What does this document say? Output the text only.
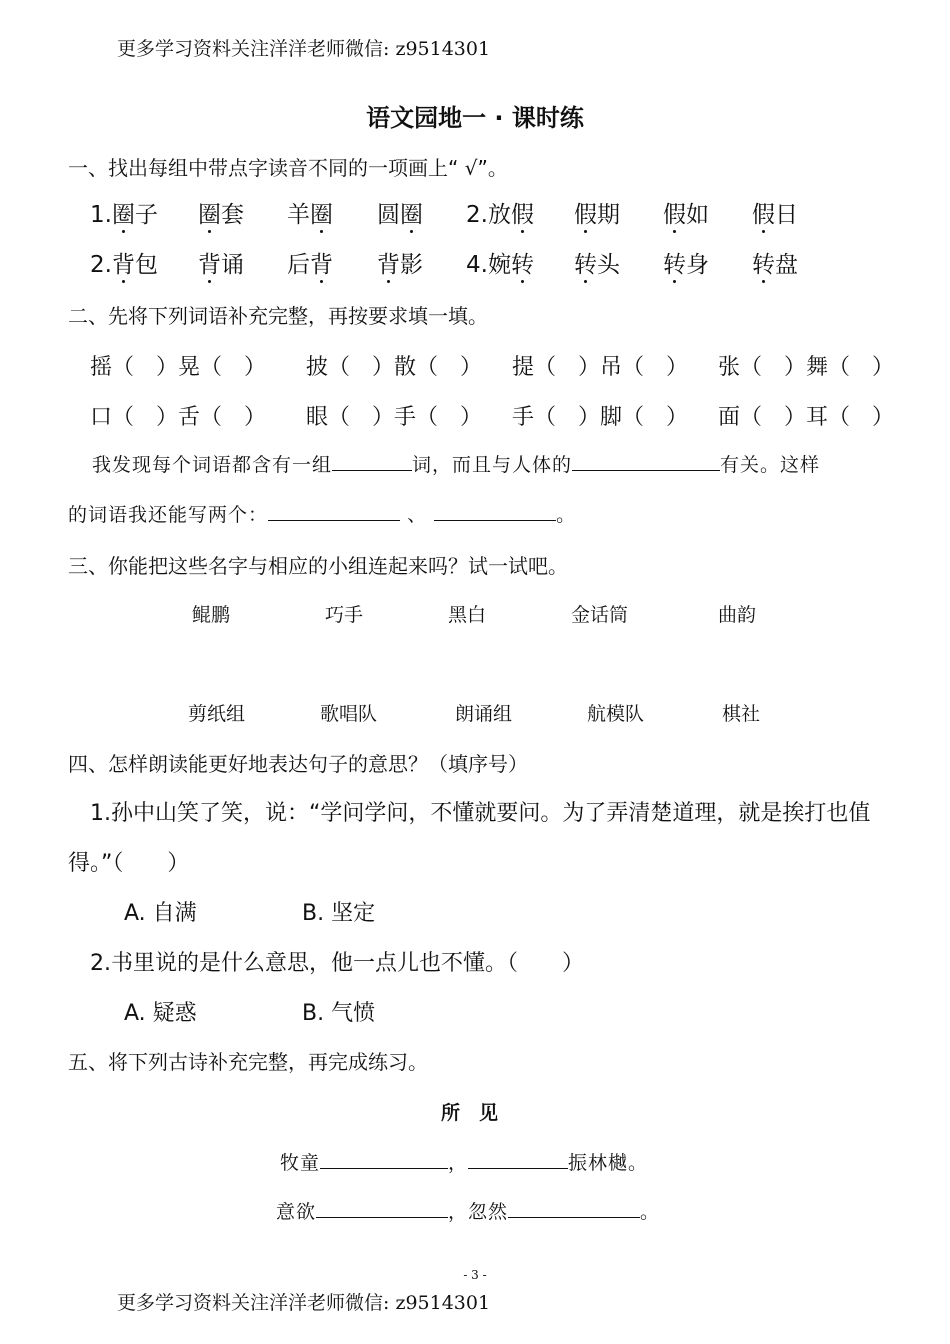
更多学习资料关注洋洋老师微信: z9514301
语文园地一 · 课时练
一、找出每组中带点字读音不同的一项画上“ √”。
1.圈子 圈套 羊圈 圆圈 2.放假 假期 假如 假日
2.背包 背诵 后背 背影 4.婉转 转头 转身 转盘
二、先将下列词语补充完整，再按要求填一填。
摇（　）晃（　） 披（　）散（　） 提（　）吊（　） 张（　）舞（　）
口（　）舌（　） 眼（　）手（　） 手（　）脚（　） 面（　）耳（　）
我发现每个词语都含有一组	词，而且与人体的	有关。这样
的词语我还能写两个：	、	。
三、你能把这些名字与相应的小组连起来吗？试一试吧。
鲲鹏	巧手	黑白	金话筒	曲韵
剪纸组	歌唱队	朗诵组	航模队	棋社
四、怎样朗读能更好地表达句子的意思？（填序号）
1.孙中山笑了笑，说：“学问学问，不懂就要问。为了弄清楚道理，就是挨打也值
得。”（　　）
A. 自满	B. 坚定
2.书里说的是什么意思，他一点儿也不懂。（　　）
A. 疑惑	B. 气愤
五、将下列古诗补充完整，再完成练习。
所　见
牧童	，	振林樾。
意欲	，忽然	。
- 3 -
更多学习资料关注洋洋老师微信: z9514301
